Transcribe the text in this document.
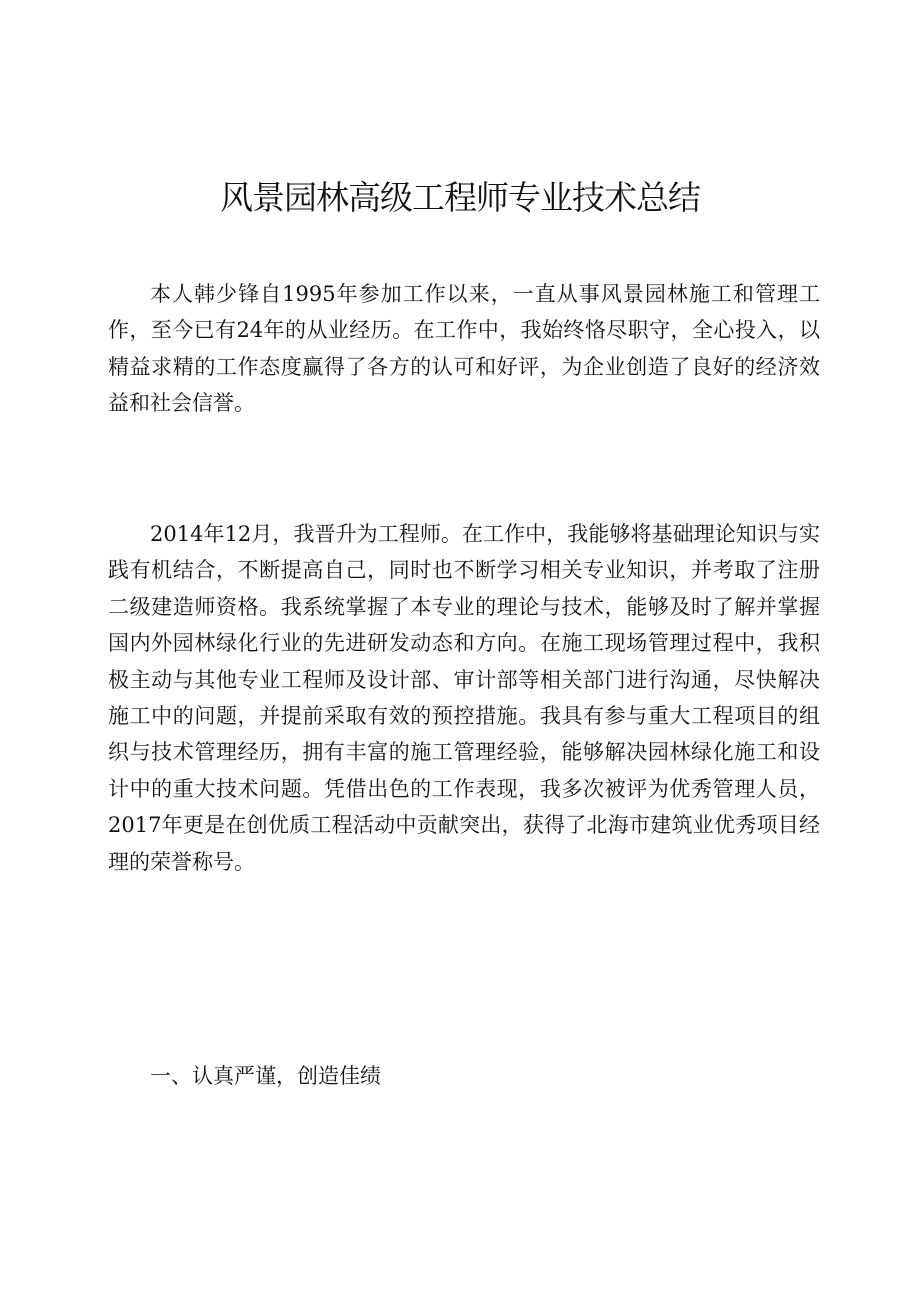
风景园林高级工程师专业技术总结

本人韩少锋自1995年参加工作以来，一直从事风景园林施工和管理工作，至今已有24年的从业经历。在工作中，我始终恪尽职守，全心投入，以精益求精的工作态度赢得了各方的认可和好评，为企业创造了良好的经济效益和社会信誉。

2014年12月，我晋升为工程师。在工作中，我能够将基础理论知识与实践有机结合，不断提高自己，同时也不断学习相关专业知识，并考取了注册二级建造师资格。我系统掌握了本专业的理论与技术，能够及时了解并掌握国内外园林绿化行业的先进研发动态和方向。在施工现场管理过程中，我积极主动与其他专业工程师及设计部、审计部等相关部门进行沟通，尽快解决施工中的问题，并提前采取有效的预控措施。我具有参与重大工程项目的组织与技术管理经历，拥有丰富的施工管理经验，能够解决园林绿化施工和设计中的重大技术问题。凭借出色的工作表现，我多次被评为优秀管理人员，2017年更是在创优质工程活动中贡献突出，获得了北海市建筑业优秀项目经理的荣誉称号。

一、认真严谨，创造佳绩
